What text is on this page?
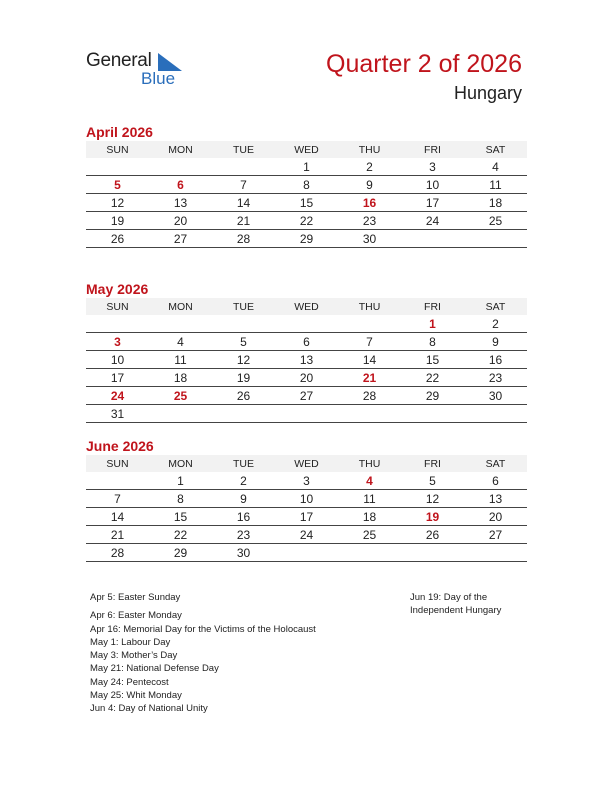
General
Blue
Quarter 2 of 2026
Hungary
April 2026
SUN	MON	TUE	WED	THU	FRI	SAT
			1	2	3	4
5	6	7	8	9	10	11
12	13	14	15	16	17	18
19	20	21	22	23	24	25
26	27	28	29	30		
May 2026
SUN	MON	TUE	WED	THU	FRI	SAT
					1	2
3	4	5	6	7	8	9
10	11	12	13	14	15	16
17	18	19	20	21	22	23
24	25	26	27	28	29	30
31						
June 2026
SUN	MON	TUE	WED	THU	FRI	SAT
	1	2	3	4	5	6
7	8	9	10	11	12	13
14	15	16	17	18	19	20
21	22	23	24	25	26	27
28	29	30				
Apr 5: Easter Sunday
Apr 6: Easter Monday
Apr 16: Memorial Day for the Victims of the Holocaust
May 1: Labour Day
May 3: Mother’s Day
May 21: National Defense Day
May 24: Pentecost
May 25: Whit Monday
Jun 4: Day of National Unity
Jun 19: Day of the
Independent Hungary
